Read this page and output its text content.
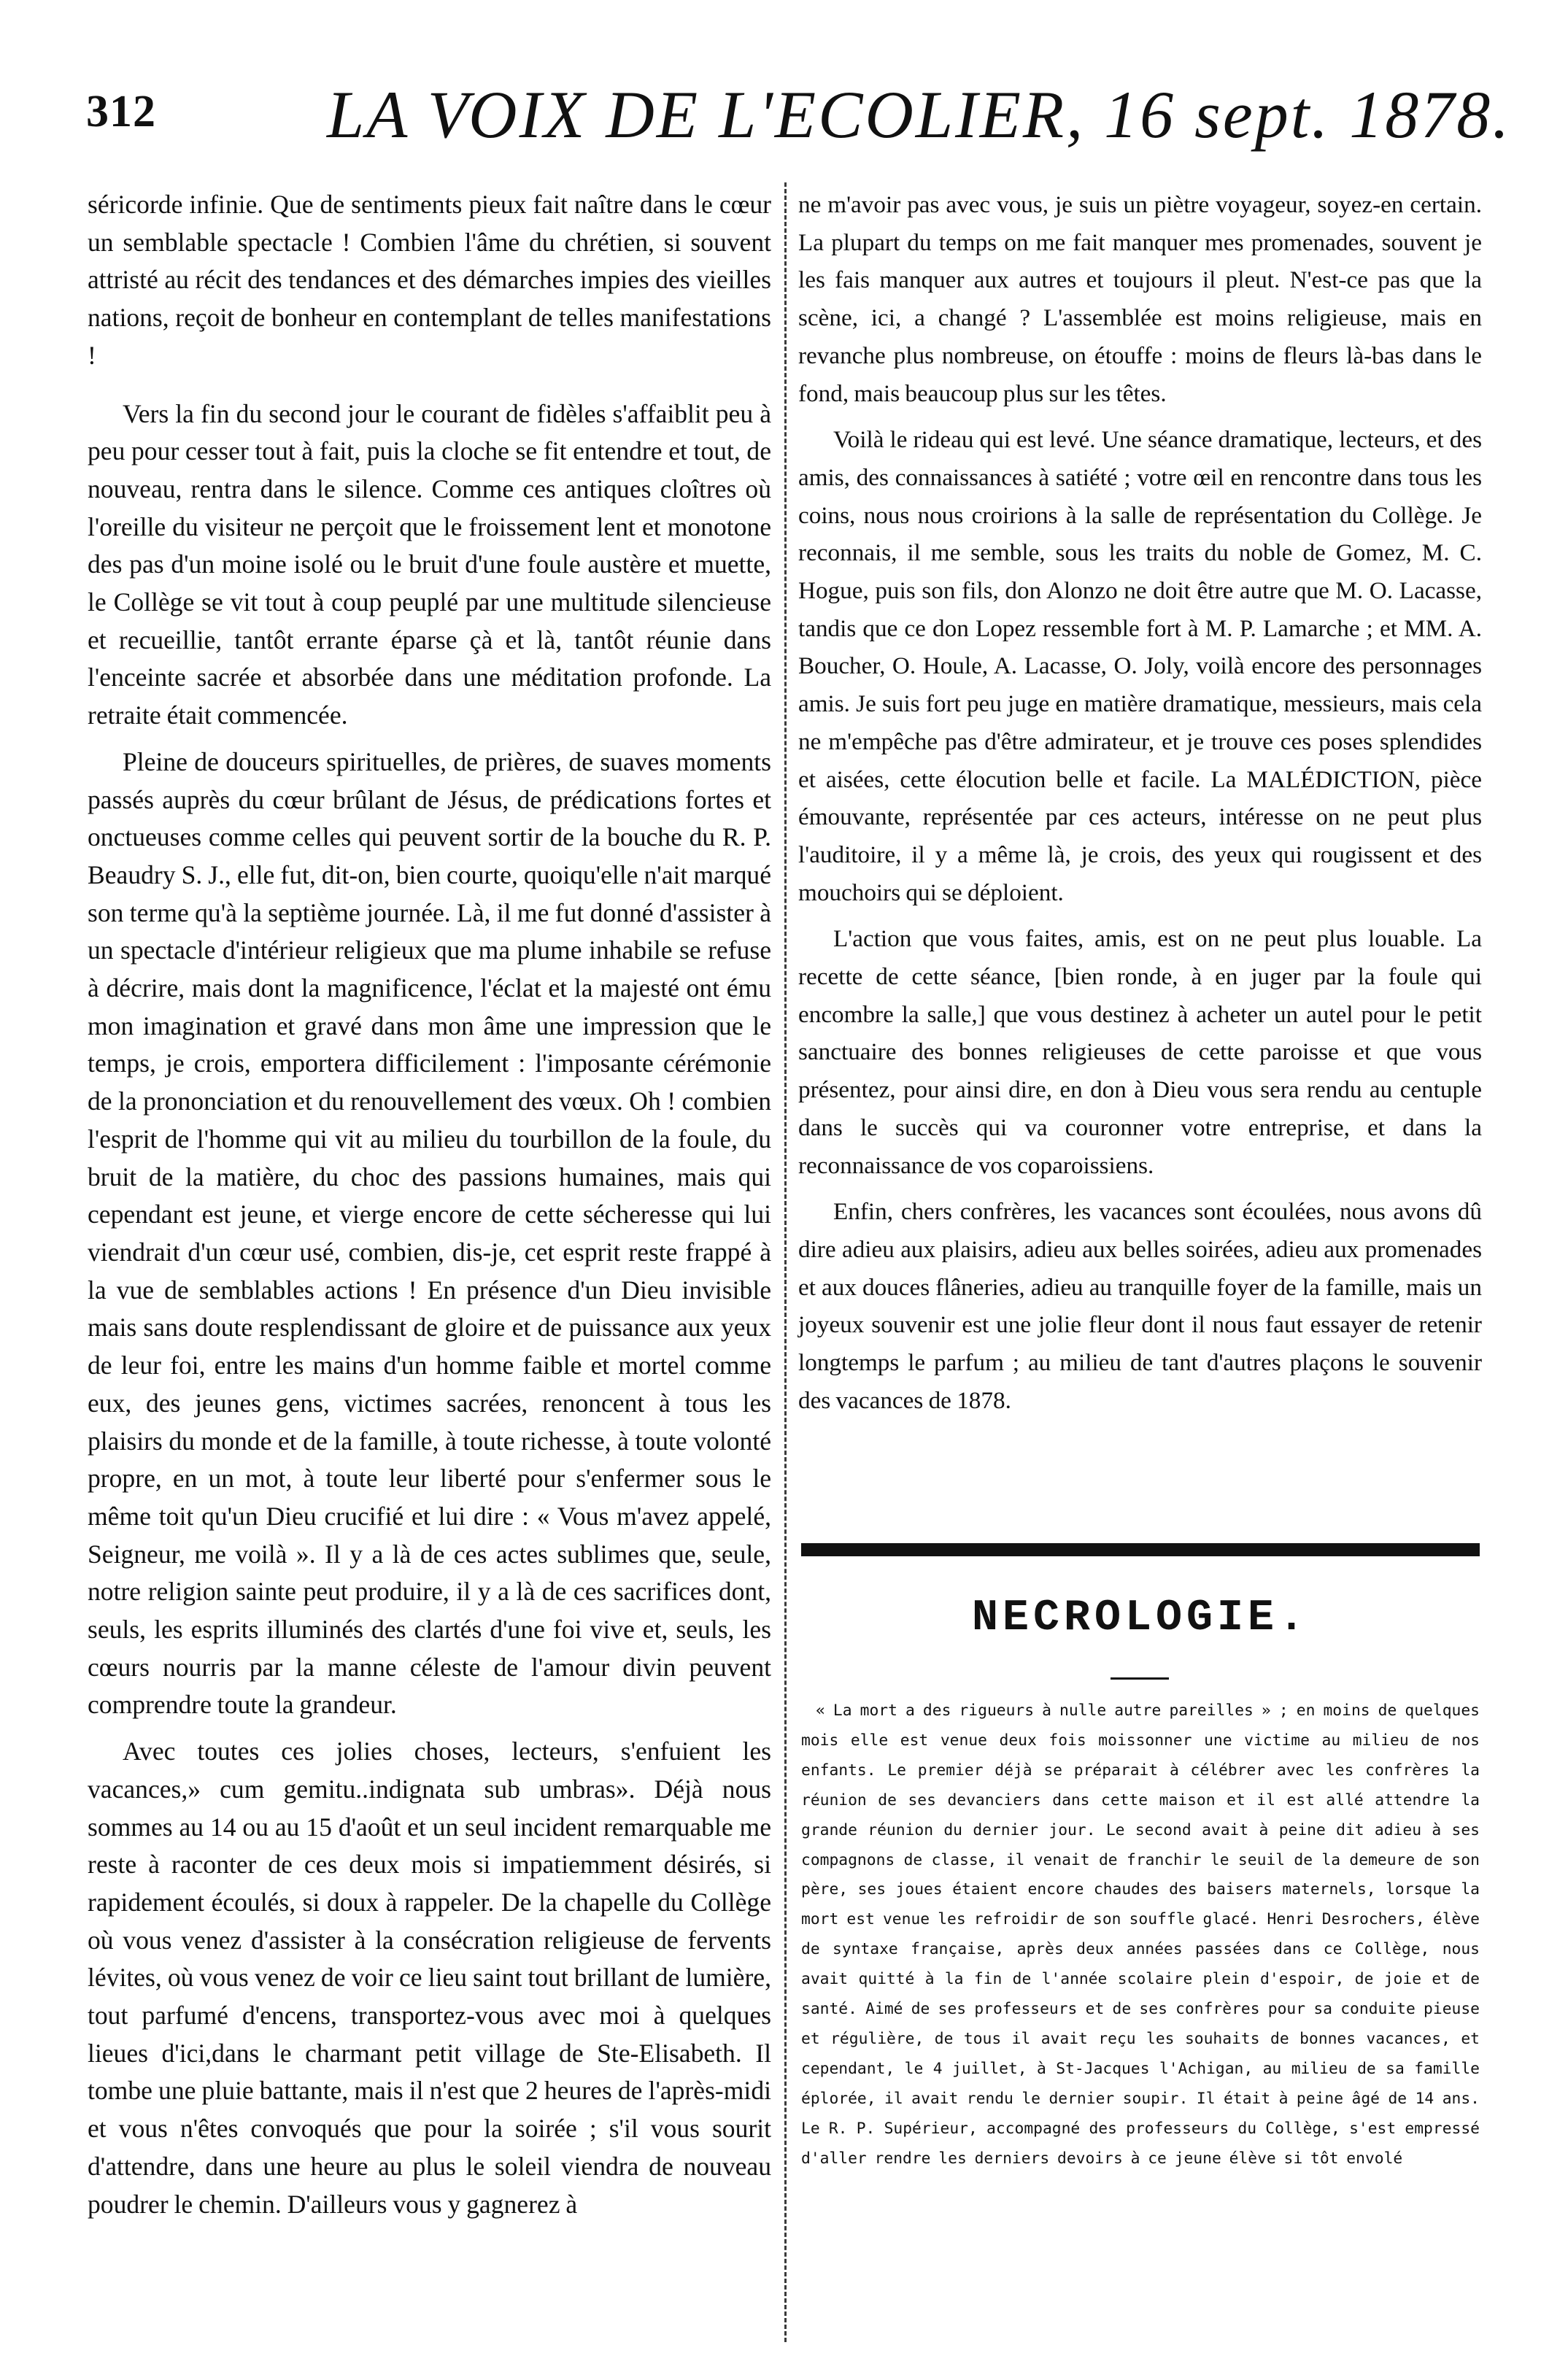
312	LA VOIX DE L'ECOLIER, 16 sept. 1878.

séricorde infinie. Que de sentiments pieux fait naître dans le cœur un semblable spectacle ! Combien l'âme du chrétien, si souvent attristé au récit des tendances et des démarches impies des vieilles nations, reçoit de bonheur en contemplant de telles manifestations !

Vers la fin du second jour le courant de fidèles s'affaiblit peu à peu pour cesser tout à fait, puis la cloche se fit entendre et tout, de nouveau, rentra dans le silence. Comme ces antiques cloîtres où l'oreille du visiteur ne perçoit que le froissement lent et monotone des pas d'un moine isolé ou le bruit d'une foule austère et muette, le Collège se vit tout à coup peuplé par une multitude silencieuse et recueillie, tantôt errante éparse çà et là, tantôt réunie dans l'enceinte sacrée et absorbée dans une méditation profonde. La retraite était commencée.

Pleine de douceurs spirituelles, de prières, de suaves moments passés auprès du cœur brûlant de Jésus, de prédications fortes et onctueuses comme celles qui peuvent sortir de la bouche du R. P. Beaudry S. J., elle fut, dit-on, bien courte, quoiqu'elle n'ait marqué son terme qu'à la septième journée. Là, il me fut donné d'assister à un spectacle d'intérieur religieux que ma plume inhabile se refuse à décrire, mais dont la magnificence, l'éclat et la majesté ont ému mon imagination et gravé dans mon âme une impression que le temps, je crois, emportera difficilement : l'imposante cérémonie de la prononciation et du renouvellement des vœux. Oh ! combien l'esprit de l'homme qui vit au milieu du tourbillon de la foule, du bruit de la matière, du choc des passions humaines, mais qui cependant est jeune, et vierge encore de cette sécheresse qui lui viendrait d'un cœur usé, combien, dis-je, cet esprit reste frappé à la vue de semblables actions ! En présence d'un Dieu invisible mais sans doute resplendissant de gloire et de puissance aux yeux de leur foi, entre les mains d'un homme faible et mortel comme eux, des jeunes gens, victimes sacrées, renoncent à tous les plaisirs du monde et de la famille, à toute richesse, à toute volonté propre, en un mot, à toute leur liberté pour s'enfermer sous le même toit qu'un Dieu crucifié et lui dire : « Vous m'avez appelé, Seigneur, me voilà ». Il y a là de ces actes sublimes que, seule, notre religion sainte peut produire, il y a là de ces sacrifices dont, seuls, les esprits illuminés des clartés d'une foi vive et, seuls, les cœurs nourris par la manne céleste de l'amour divin peuvent comprendre toute la grandeur.

Avec toutes ces jolies choses, lecteurs, s'enfuient les vacances,» cum gemitu..indignata sub umbras». Déjà nous sommes au 14 ou au 15 d'août et un seul incident remarquable me reste à raconter de ces deux mois si impatiemment désirés, si rapidement écoulés, si doux à rappeler. De la chapelle du Collège où vous venez d'assister à la consécration religieuse de fervents lévites, où vous venez de voir ce lieu saint tout brillant de lumière, tout parfumé d'encens, transportez-vous avec moi à quelques lieues d'ici,dans le charmant petit village de Ste-Elisabeth. Il tombe une pluie battante, mais il n'est que 2 heures de l'après-midi et vous n'êtes convoqués que pour la soirée ; s'il vous sourit d'attendre, dans une heure au plus le soleil viendra de nouveau poudrer le chemin. D'ailleurs vous y gagnerez à

ne m'avoir pas avec vous, je suis un piètre voyageur, soyez-en certain. La plupart du temps on me fait manquer mes promenades, souvent je les fais manquer aux autres et toujours il pleut. N'est-ce pas que la scène, ici, a changé ? L'assemblée est moins religieuse, mais en revanche plus nombreuse, on étouffe : moins de fleurs là-bas dans le fond, mais beaucoup plus sur les têtes.

Voilà le rideau qui est levé. Une séance dramatique, lecteurs, et des amis, des connaissances à satiété ; votre œil en rencontre dans tous les coins, nous nous croirions à la salle de représentation du Collège. Je reconnais, il me semble, sous les traits du noble de Gomez, M. C. Hogue, puis son fils, don Alonzo ne doit être autre que M. O. Lacasse, tandis que ce don Lopez ressemble fort à M. P. Lamarche ; et MM. A. Boucher, O. Houle, A. Lacasse, O. Joly, voilà encore des personnages amis. Je suis fort peu juge en matière dramatique, messieurs, mais cela ne m'empêche pas d'être admirateur, et je trouve ces poses splendides et aisées, cette élocution belle et facile. La MALÉDICTION, pièce émouvante, représentée par ces acteurs, intéresse on ne peut plus l'auditoire, il y a même là, je crois, des yeux qui rougissent et des mouchoirs qui se déploient.

L'action que vous faites, amis, est on ne peut plus louable. La recette de cette séance, [bien ronde, à en juger par la foule qui encombre la salle,] que vous destinez à acheter un autel pour le petit sanctuaire des bonnes religieuses de cette paroisse et que vous présentez, pour ainsi dire, en don à Dieu vous sera rendu au centuple dans le succès qui va couronner votre entreprise, et dans la reconnaissance de vos coparoissiens.

Enfin, chers confrères, les vacances sont écoulées, nous avons dû dire adieu aux plaisirs, adieu aux belles soirées, adieu aux promenades et aux douces flâneries, adieu au tranquille foyer de la famille, mais un joyeux souvenir est une jolie fleur dont il nous faut essayer de retenir longtemps le parfum ; au milieu de tant d'autres plaçons le souvenir des vacances de 1878.

NECROLOGIE.

« La mort a des rigueurs à nulle autre pareilles » ; en moins de quelques mois elle est venue deux fois moissonner une victime au milieu de nos enfants. Le premier déjà se préparait à célébrer avec les confrères la réunion de ses devanciers dans cette maison et il est allé attendre la grande réunion du dernier jour. Le second avait à peine dit adieu à ses compagnons de classe, il venait de franchir le seuil de la demeure de son père, ses joues étaient encore chaudes des baisers maternels, lorsque la mort est venue les refroidir de son souffle glacé. Henri Desrochers, élève de syntaxe française, après deux années passées dans ce Collège, nous avait quitté à la fin de l'année scolaire plein d'espoir, de joie et de santé. Aimé de ses professeurs et de ses confrères pour sa conduite pieuse et régulière, de tous il avait reçu les souhaits de bonnes vacances, et cependant, le 4 juillet, à St-Jacques l'Achigan, au milieu de sa famille éplorée, il avait rendu le dernier soupir. Il était à peine âgé de 14 ans. Le R. P. Supérieur, accompagné des professeurs du Collège, s'est empressé d'aller rendre les derniers devoirs à ce jeune élève si tôt envolé
